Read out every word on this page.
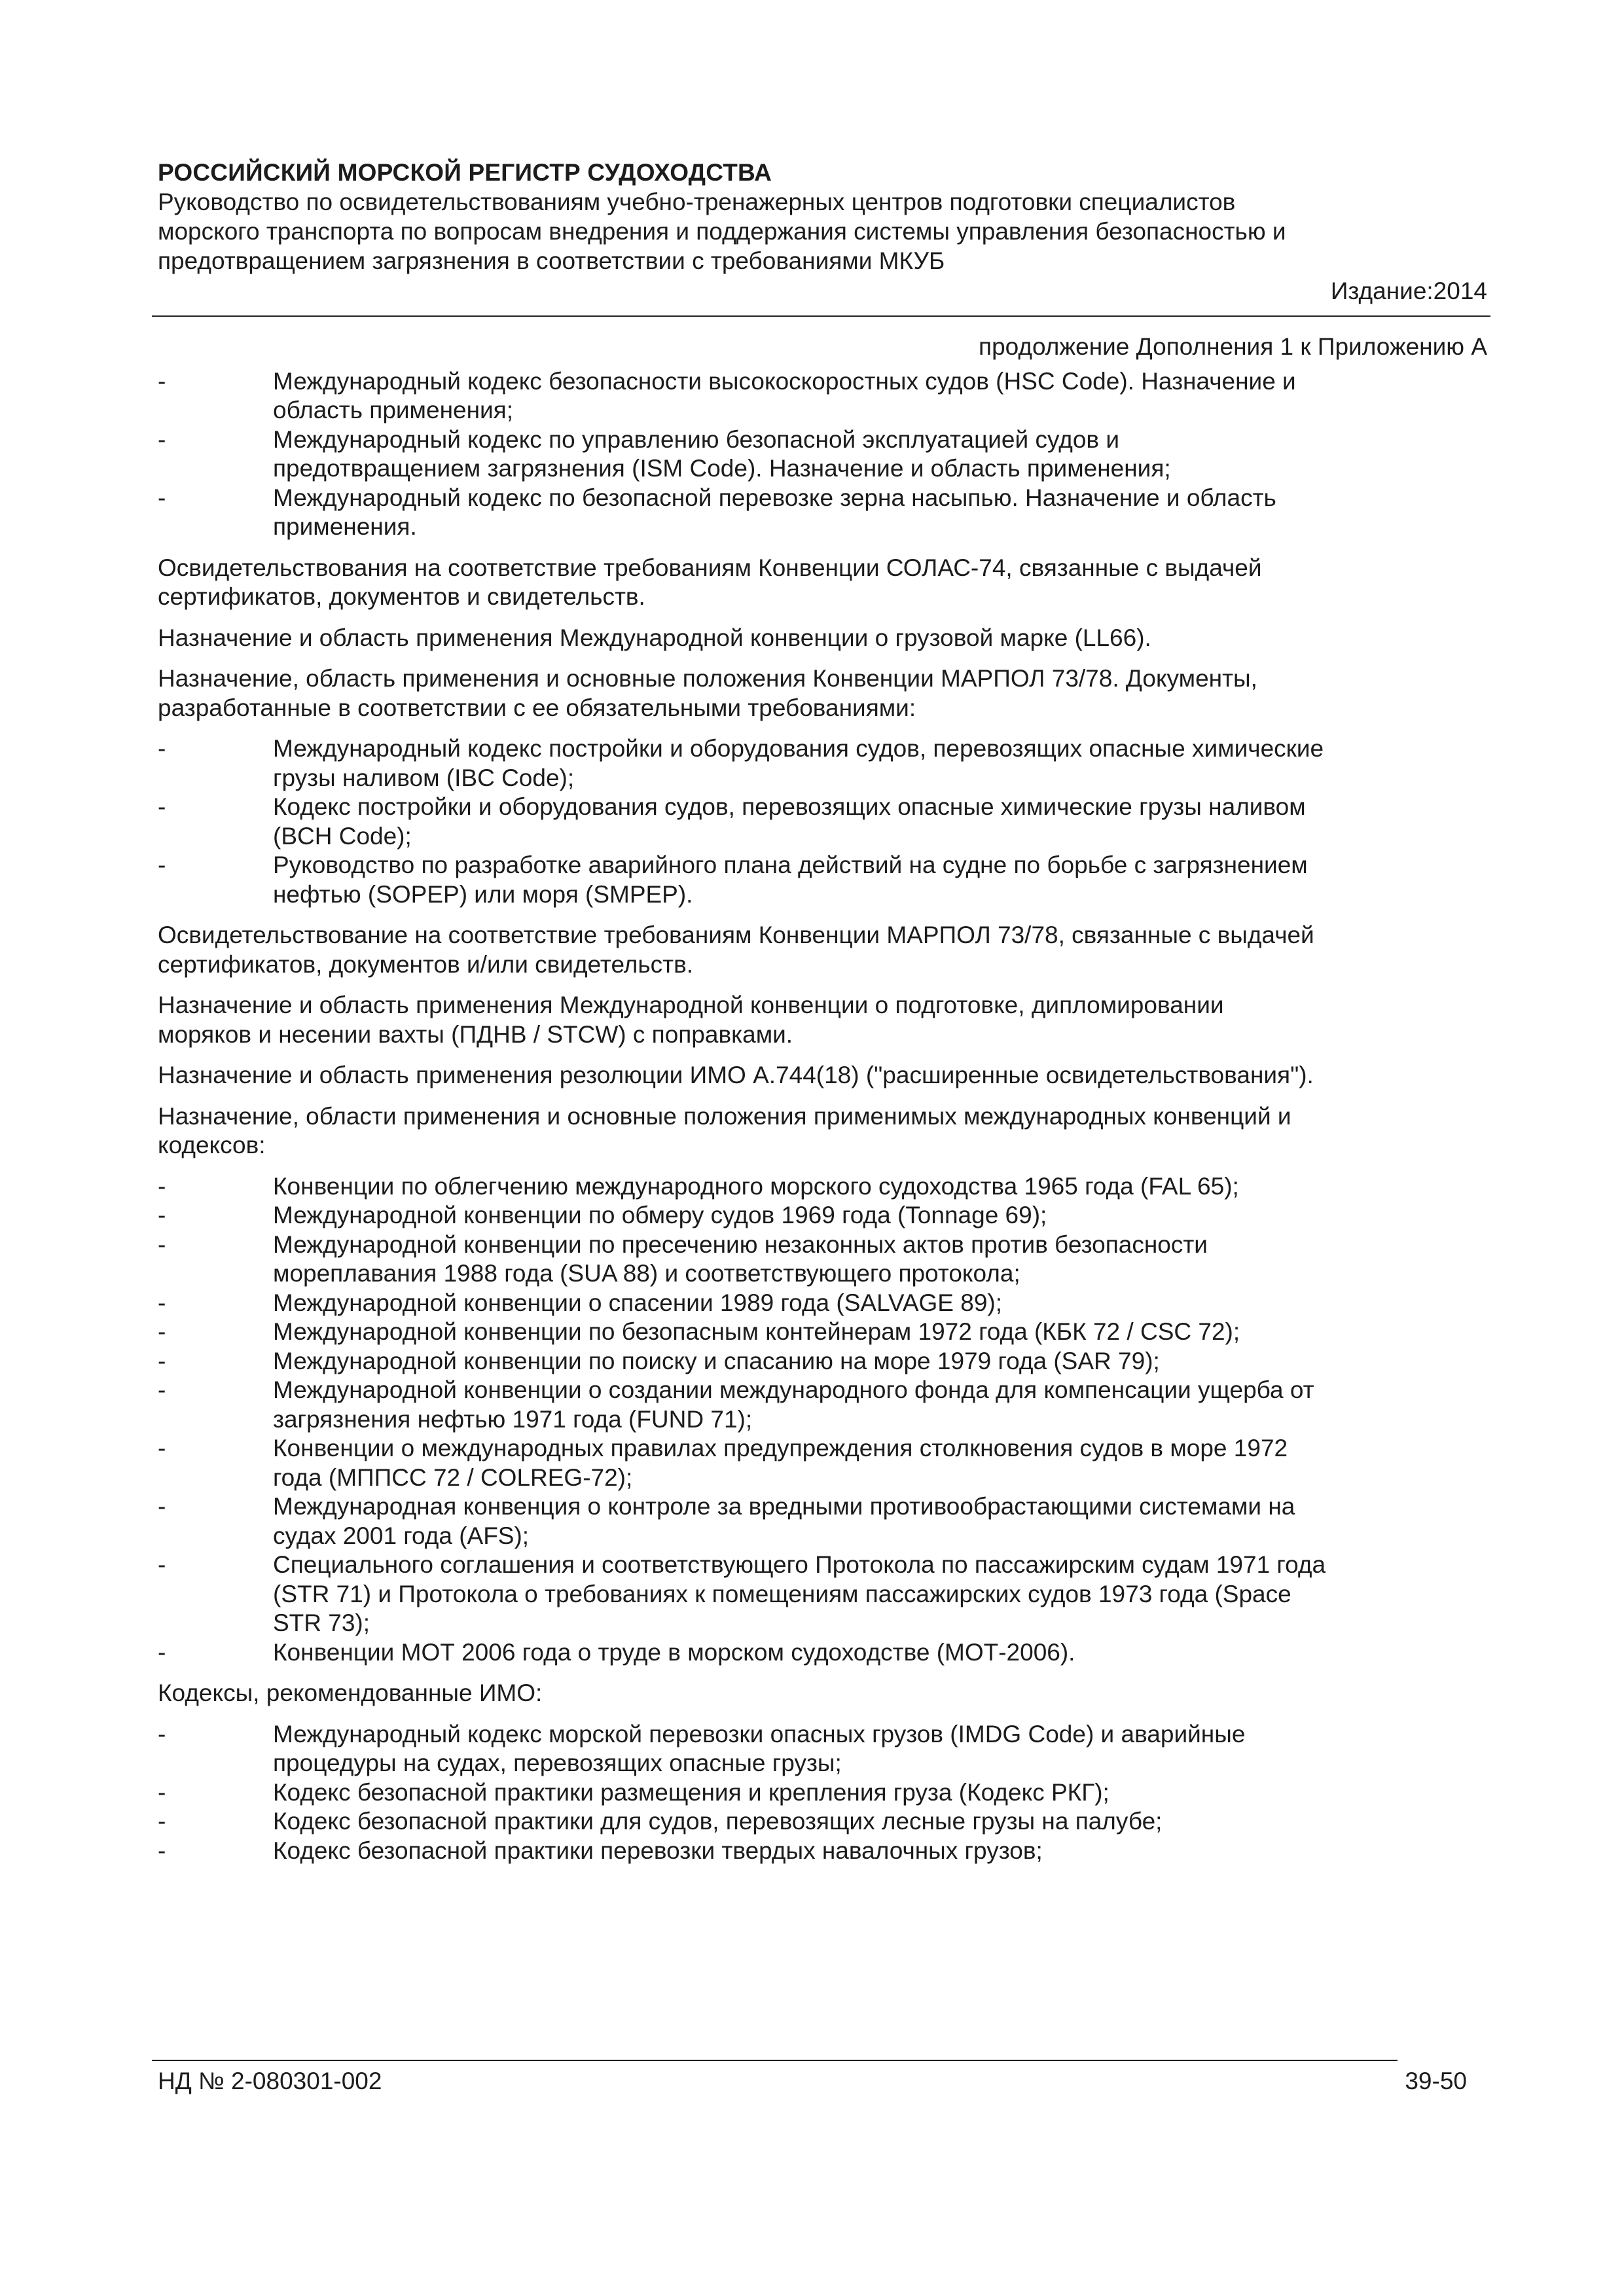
РОССИЙСКИЙ МОРСКОЙ РЕГИСТР СУДОХОДСТВА
Руководство по освидетельствованиям учебно-тренажерных центров подготовки специалистов
морского транспорта по вопросам внедрения и поддержания системы управления безопасностью и
предотвращением загрязнения в соответствии с требованиями МКУБ
Издание:2014
продолжение Дополнения 1 к Приложению А
-	Международный кодекс безопасности высокоскоростных судов (HSC Code). Назначение и
область применения;
-	Международный кодекс по управлению безопасной эксплуатацией судов и
предотвращением загрязнения (ISM Code). Назначение и область применения;
-	Международный кодекс по безопасной перевозке зерна насыпью. Назначение и область
применения.
Освидетельствования на соответствие требованиям Конвенции СОЛАС-74, связанные с выдачей
сертификатов, документов и свидетельств.
Назначение и область применения Международной конвенции о грузовой марке (LL66).
Назначение, область применения и основные положения Конвенции МАРПОЛ 73/78. Документы,
разработанные в соответствии с ее обязательными требованиями:
-	Международный кодекс постройки и оборудования судов, перевозящих опасные химические
грузы наливом (IBC Code);
-	Кодекс постройки и оборудования судов, перевозящих опасные химические грузы наливом
(BCH Code);
-	Руководство по разработке аварийного плана действий на судне по борьбе с загрязнением
нефтью (SOPEP) или моря (SMPEP).
Освидетельствование на соответствие требованиям Конвенции МАРПОЛ 73/78, связанные с выдачей
сертификатов, документов и/или свидетельств.
Назначение и область применения Международной конвенции о подготовке, дипломировании
моряков и несении вахты (ПДНВ / STCW) с поправками.
Назначение и область применения резолюции ИМО А.744(18) ("расширенные освидетельствования").
Назначение, области применения и основные положения применимых международных конвенций и
кодексов:
-	Конвенции по облегчению международного морского судоходства 1965 года (FAL 65);
-	Международной конвенции по обмеру судов 1969 года (Tonnage 69);
-	Международной конвенции по пресечению незаконных актов против безопасности
мореплавания 1988 года (SUA 88) и соответствующего протокола;
-	Международной конвенции о спасении 1989 года (SALVAGE 89);
-	Международной конвенции по безопасным контейнерам 1972 года (КБК 72 / CSC 72);
-	Международной конвенции по поиску и спасанию на море 1979 года (SAR 79);
-	Международной конвенции о создании международного фонда для компенсации ущерба от
загрязнения нефтью 1971 года (FUND 71);
-	Конвенции о международных правилах предупреждения столкновения судов в море 1972
года (МППСС 72 / COLREG-72);
-	Международная конвенция о контроле за вредными противообрастающими системами на
судах 2001 года (AFS);
-	Специального соглашения и соответствующего Протокола по пассажирским судам 1971 года
(STR 71) и Протокола о требованиях к помещениям пассажирских судов 1973 года (Space
STR 73);
-	Конвенции МОТ 2006 года о труде в морском судоходстве (МОТ-2006).
Кодексы, рекомендованные ИМО:
-	Международный кодекс морской перевозки опасных грузов (IMDG Code) и аварийные
процедуры на судах, перевозящих опасные грузы;
-	Кодекс безопасной практики размещения и крепления груза (Кодекс РКГ);
-	Кодекс безопасной практики для судов, перевозящих лесные грузы на палубе;
-	Кодекс безопасной практики перевозки твердых навалочных грузов;
НД № 2-080301-002	39-50
